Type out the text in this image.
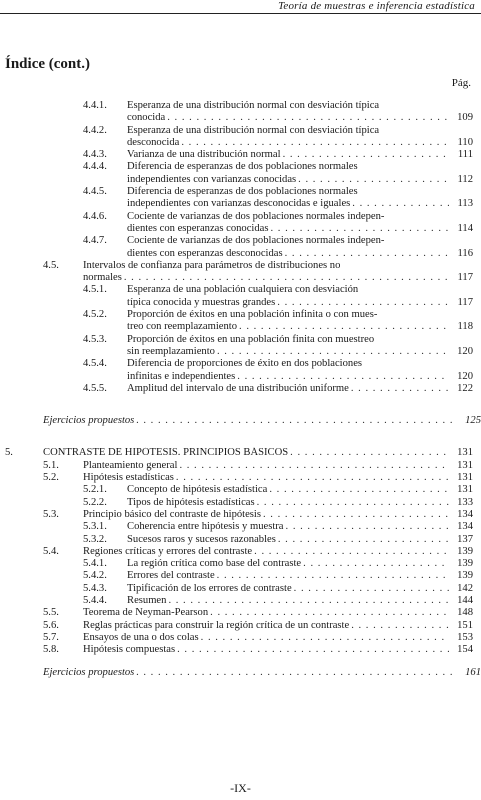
Teoría de muestras e inferencia estadística
Índice (cont.)
Pág.
4.4.1. Esperanza de una distribución normal con desviación típica
conocida . . .	109
4.4.2. Esperanza de una distribución normal con desviación típica
desconocida . . .	110
4.4.3. Varianza de una distribución normal . . .	111
4.4.4. Diferencia de esperanzas de dos poblaciones normales
independientes con varianzas conocidas . . .	112
4.4.5. Diferencia de esperanzas de dos poblaciones normales
independientes con varianzas desconocidas e iguales . . .	113
4.4.6. Cociente de varianzas de dos poblaciones normales indepen-
dientes con esperanzas conocidas . . .	114
4.4.7. Cociente de varianzas de dos poblaciones normales indepen-
dientes con esperanzas desconocidas . . .	116
4.5. Intervalos de confianza para parámetros de distribuciones no
normales . . .	117
4.5.1. Esperanza de una población cualquiera con desviación
típica conocida y muestras grandes . . .	117
4.5.2. Proporción de éxitos en una población infinita o con mues-
treo con reemplazamiento . . .	118
4.5.3. Proporción de éxitos en una población finita con muestreo
sin reemplazamiento . . .	120
4.5.4. Diferencia de proporciones de éxito en dos poblaciones
infinitas e independientes . . .	120
4.5.5. Amplitud del intervalo de una distribución uniforme . . .	122
Ejercicios propuestos . . .	125
5.	CONTRASTE DE HIPÓTESIS. PRINCIPIOS BÁSICOS . . .	131
5.1. Planteamiento general . . .	131
5.2. Hipótesis estadísticas . . .	131
5.2.1. Concepto de hipótesis estadística . . .	131
5.2.2. Tipos de hipótesis estadísticas . . .	133
5.3. Principio básico del contraste de hipótesis . . .	134
5.3.1. Coherencia entre hipótesis y muestra . . .	134
5.3.2. Sucesos raros y sucesos razonables . . .	137
5.4. Regiones críticas y errores del contraste . . .	139
5.4.1. La región crítica como base del contraste . . .	139
5.4.2. Errores del contraste . . .	139
5.4.3. Tipificación de los errores de contraste . . .	142
5.4.4. Resumen . . .	144
5.5. Teorema de Neyman-Pearson . . .	148
5.6. Reglas prácticas para construir la región crítica de un contraste . . .	151
5.7. Ensayos de una o dos colas . . .	153
5.8. Hipótesis compuestas . . .	154
Ejercicios propuestos . . .	161
-IX-
